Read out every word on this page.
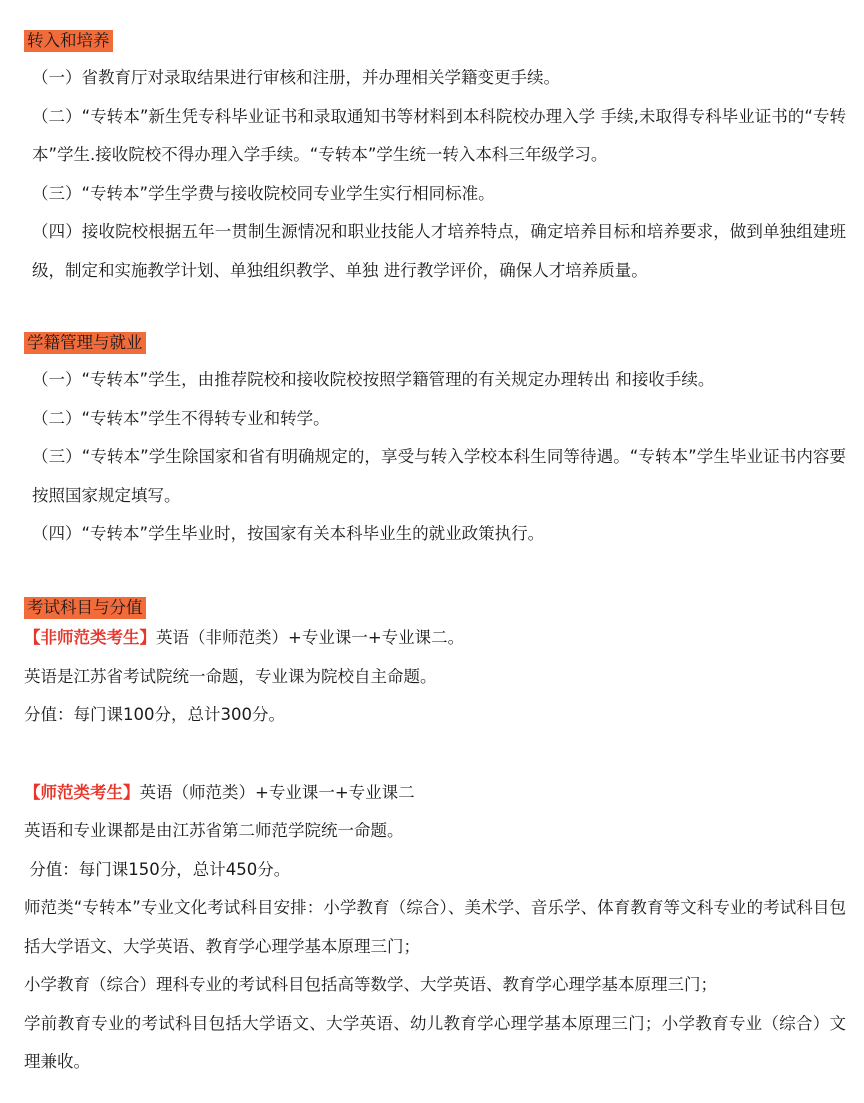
转入和培养

（一）省教育厅对录取结果进行审核和注册，并办理相关学籍变更手续。

（二）“专转本”新生凭专科毕业证书和录取通知书等材料到本科院校办理入学 手续,未取得专科毕业证书的“专转本”学生.接收院校不得办理入学手续。“专转本”学生统一转入本科三年级学习。

（三）“专转本”学生学费与接收院校同专业学生实行相同标准。

（四）接收院校根据五年一贯制生源情况和职业技能人才培养特点，确定培养目标和培养要求，做到单独组建班级，制定和实施教学计划、单独组织教学、单独 进行教学评价，确保人才培养质量。

学籍管理与就业

（一）“专转本”学生，由推荐院校和接收院校按照学籍管理的有关规定办理转出 和接收手续。

（二）“专转本”学生不得转专业和转学。

（三）“专转本”学生除国家和省有明确规定的，享受与转入学校本科生同等待遇。“专转本”学生毕业证书内容要按照国家规定填写。

（四）“专转本”学生毕业时，按国家有关本科毕业生的就业政策执行。

考试科目与分值

【非师范类考生】英语（非师范类）+专业课一+专业课二。

英语是江苏省考试院统一命题，专业课为院校自主命题。

分值：每门课100分，总计300分。

【师范类考生】英语（师范类）+专业课一+专业课二

英语和专业课都是由江苏省第二师范学院统一命题。

分值：每门课150分，总计450分。

师范类“专转本”专业文化考试科目安排：小学教育（综合）、美术学、音乐学、体育教育等文科专业的考试科目包括大学语文、大学英语、教育学心理学基本原理三门；

小学教育（综合）理科专业的考试科目包括高等数学、大学英语、教育学心理学基本原理三门；

学前教育专业的考试科目包括大学语文、大学英语、幼儿教育学心理学基本原理三门；小学教育专业（综合）文理兼收。
